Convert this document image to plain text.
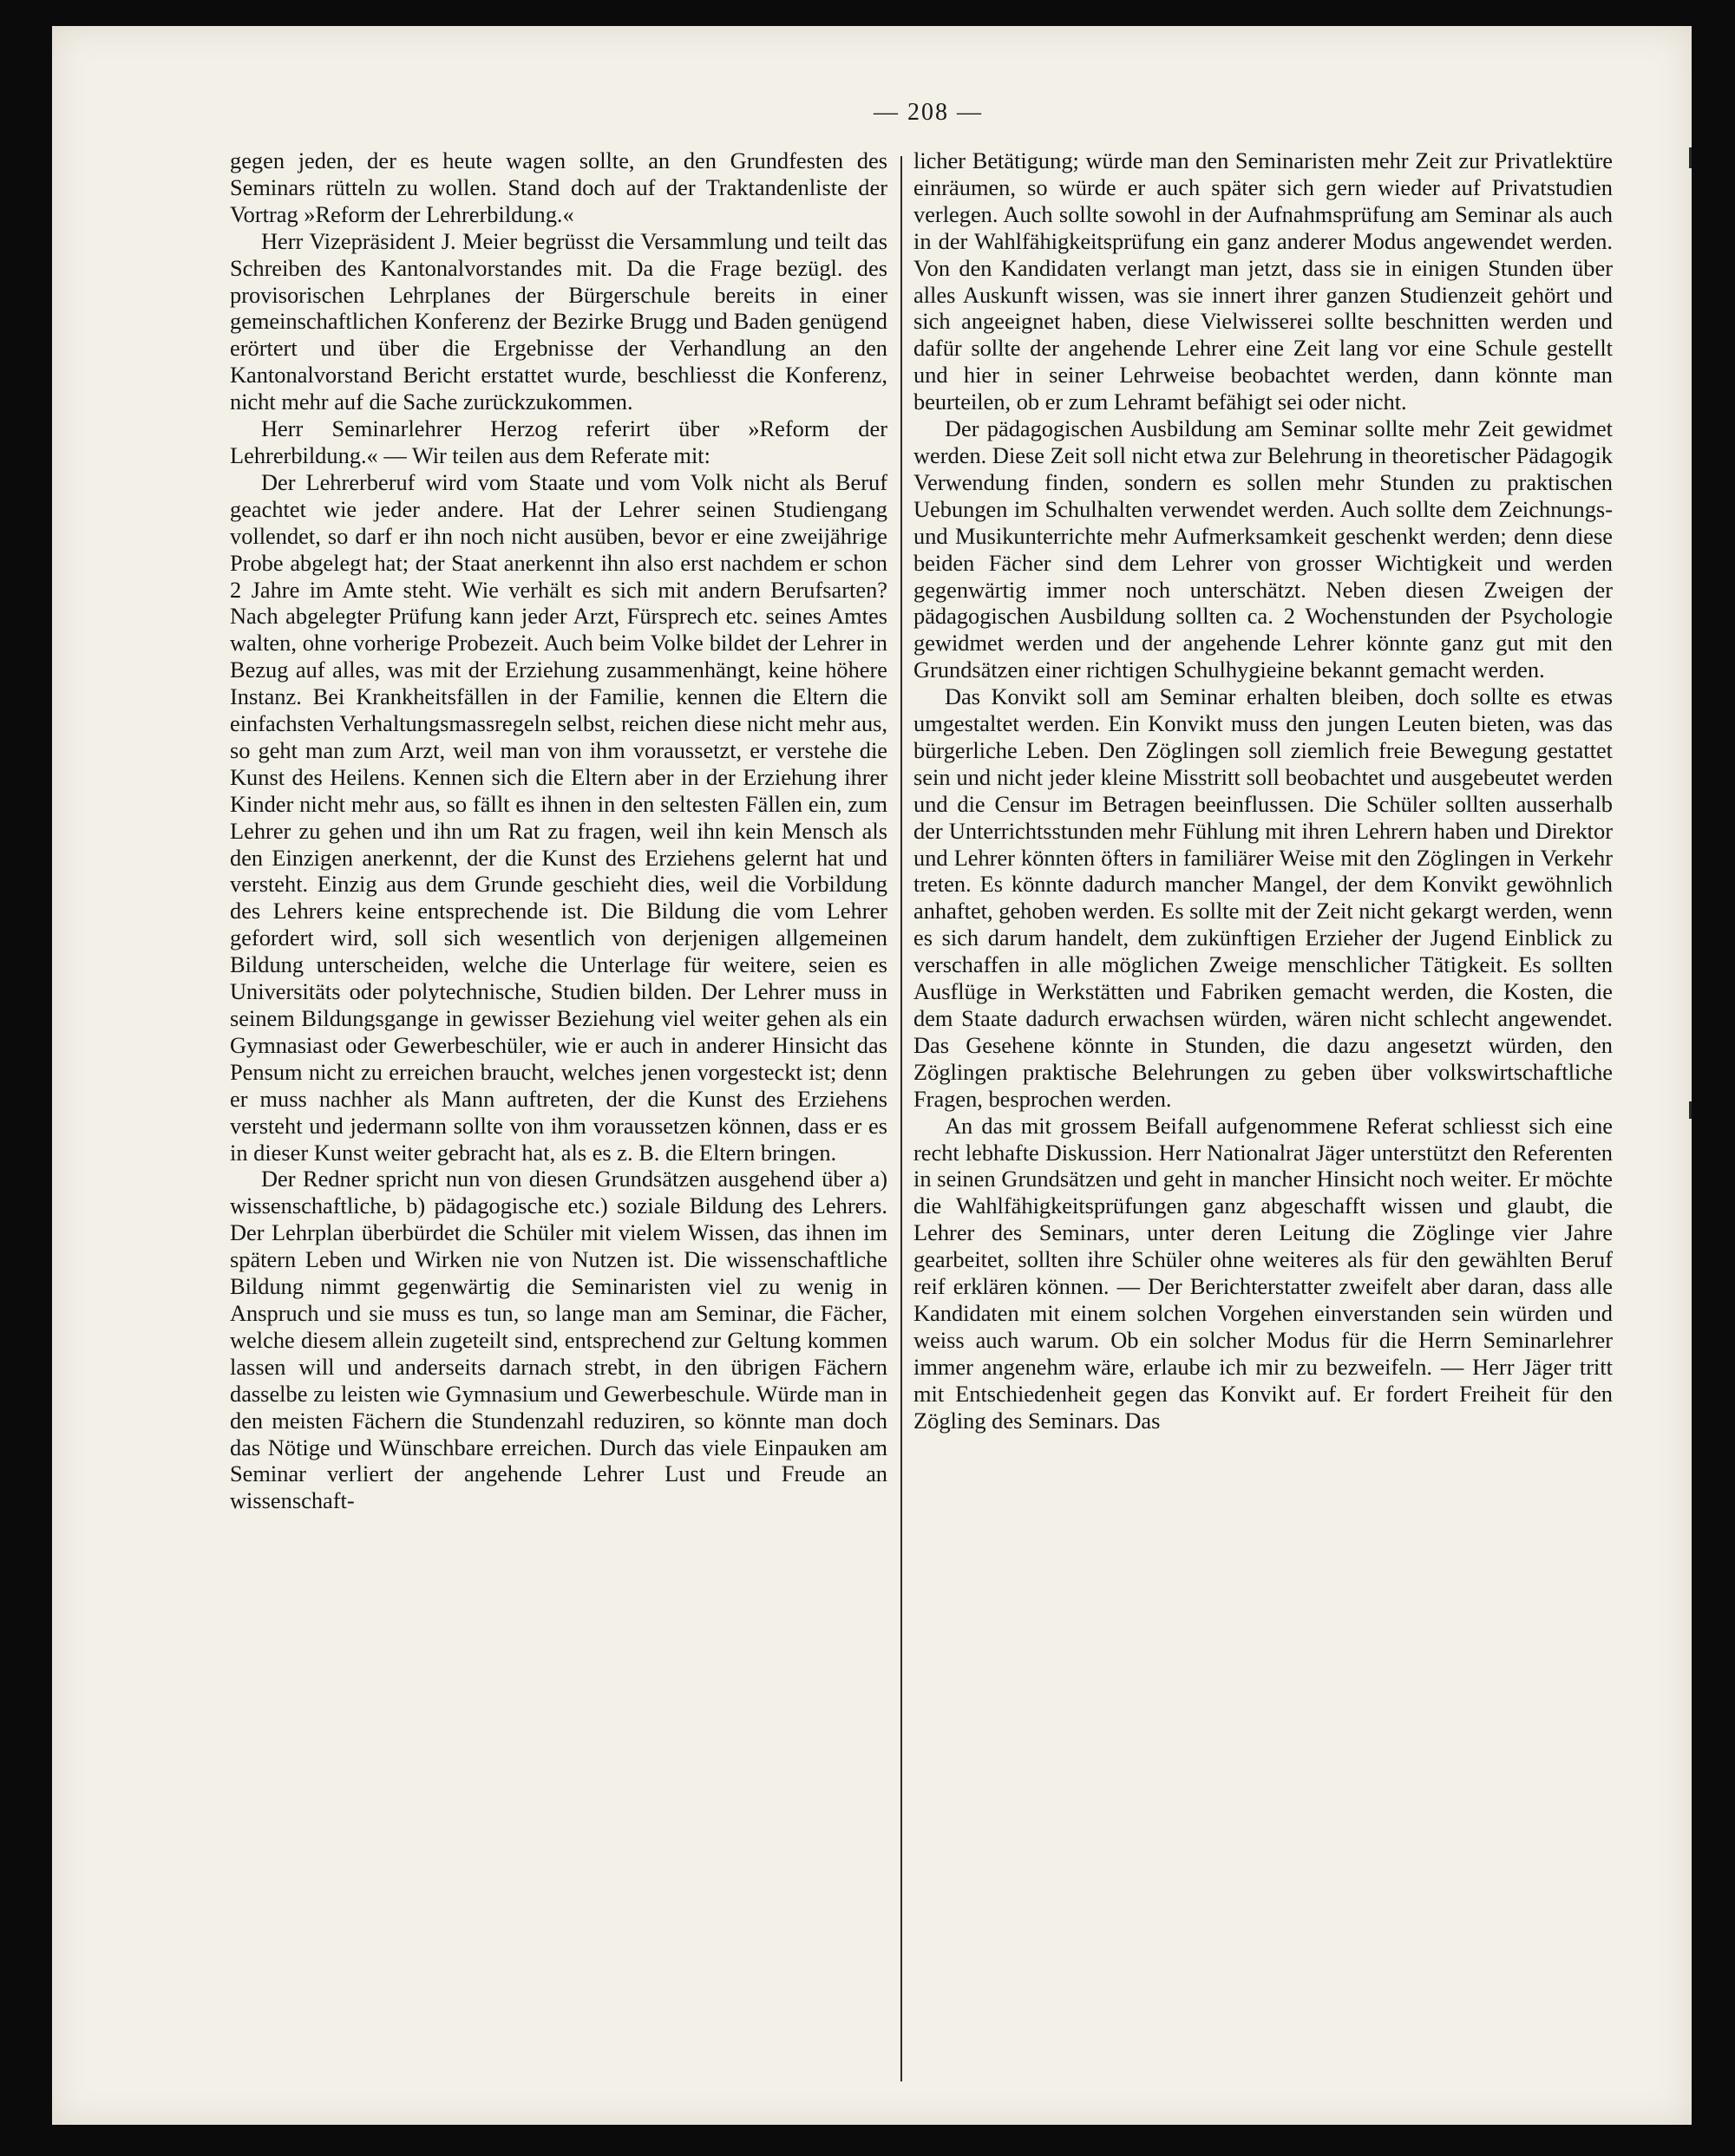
— 208 —

gegen jeden, der es heute wagen sollte, an den Grundfesten des Seminars rütteln zu wollen. Stand doch auf der Traktandenliste der Vortrag »Reform der Lehrerbildung.«

Herr Vizepräsident J. Meier begrüsst die Versammlung und teilt das Schreiben des Kantonalvorstandes mit. Da die Frage bezügl. des provisorischen Lehrplanes der Bürgerschule bereits in einer gemeinschaftlichen Konferenz der Bezirke Brugg und Baden genügend erörtert und über die Ergebnisse der Verhandlung an den Kantonalvorstand Bericht erstattet wurde, beschliesst die Konferenz, nicht mehr auf die Sache zurückzukommen.

Herr Seminarlehrer Herzog referirt über »Reform der Lehrerbildung.« — Wir teilen aus dem Referate mit:

Der Lehrerberuf wird vom Staate und vom Volk nicht als Beruf geachtet wie jeder andere. Hat der Lehrer seinen Studiengang vollendet, so darf er ihn noch nicht ausüben, bevor er eine zweijährige Probe abgelegt hat; der Staat anerkennt ihn also erst nachdem er schon 2 Jahre im Amte steht. Wie verhält es sich mit andern Berufsarten? Nach abgelegter Prüfung kann jeder Arzt, Fürsprech etc. seines Amtes walten, ohne vorherige Probezeit. Auch beim Volke bildet der Lehrer in Bezug auf alles, was mit der Erziehung zusammenhängt, keine höhere Instanz. Bei Krankheitsfällen in der Familie, kennen die Eltern die einfachsten Verhaltungsmassregeln selbst, reichen diese nicht mehr aus, so geht man zum Arzt, weil man von ihm voraussetzt, er verstehe die Kunst des Heilens. Kennen sich die Eltern aber in der Erziehung ihrer Kinder nicht mehr aus, so fällt es ihnen in den seltesten Fällen ein, zum Lehrer zu gehen und ihn um Rat zu fragen, weil ihn kein Mensch als den Einzigen anerkennt, der die Kunst des Erziehens gelernt hat und versteht. Einzig aus dem Grunde geschieht dies, weil die Vorbildung des Lehrers keine entsprechende ist. Die Bildung die vom Lehrer gefordert wird, soll sich wesentlich von derjenigen allgemeinen Bildung unterscheiden, welche die Unterlage für weitere, seien es Universitäts oder polytechnische, Studien bilden. Der Lehrer muss in seinem Bildungsgange in gewisser Beziehung viel weiter gehen als ein Gymnasiast oder Gewerbeschüler, wie er auch in anderer Hinsicht das Pensum nicht zu erreichen braucht, welches jenen vorgesteckt ist; denn er muss nachher als Mann auftreten, der die Kunst des Erziehens versteht und jedermann sollte von ihm voraussetzen können, dass er es in dieser Kunst weiter gebracht hat, als es z. B. die Eltern bringen.

Der Redner spricht nun von diesen Grundsätzen ausgehend über a) wissenschaftliche, b) pädagogische etc.) soziale Bildung des Lehrers. Der Lehrplan überbürdet die Schüler mit vielem Wissen, das ihnen im spätern Leben und Wirken nie von Nutzen ist. Die wissenschaftliche Bildung nimmt gegenwärtig die Seminaristen viel zu wenig in Anspruch und sie muss es tun, so lange man am Seminar, die Fächer, welche diesem allein zugeteilt sind, entsprechend zur Geltung kommen lassen will und anderseits darnach strebt, in den übrigen Fächern dasselbe zu leisten wie Gymnasium und Gewerbeschule. Würde man in den meisten Fächern die Stundenzahl reduziren, so könnte man doch das Nötige und Wünschbare erreichen. Durch das viele Einpauken am Seminar verliert der angehende Lehrer Lust und Freude an wissenschaft-

licher Betätigung; würde man den Seminaristen mehr Zeit zur Privatlektüre einräumen, so würde er auch später sich gern wieder auf Privatstudien verlegen. Auch sollte sowohl in der Aufnahmsprüfung am Seminar als auch in der Wahlfähigkeitsprüfung ein ganz anderer Modus angewendet werden. Von den Kandidaten verlangt man jetzt, dass sie in einigen Stunden über alles Auskunft wissen, was sie innert ihrer ganzen Studienzeit gehört und sich angeeignet haben, diese Vielwisserei sollte beschnitten werden und dafür sollte der angehende Lehrer eine Zeit lang vor eine Schule gestellt und hier in seiner Lehrweise beobachtet werden, dann könnte man beurteilen, ob er zum Lehramt befähigt sei oder nicht.

Der pädagogischen Ausbildung am Seminar sollte mehr Zeit gewidmet werden. Diese Zeit soll nicht etwa zur Belehrung in theoretischer Pädagogik Verwendung finden, sondern es sollen mehr Stunden zu praktischen Uebungen im Schulhalten verwendet werden. Auch sollte dem Zeichnungs- und Musikunterrichte mehr Aufmerksamkeit geschenkt werden; denn diese beiden Fächer sind dem Lehrer von grosser Wichtigkeit und werden gegenwärtig immer noch unterschätzt. Neben diesen Zweigen der pädagogischen Ausbildung sollten ca. 2 Wochenstunden der Psychologie gewidmet werden und der angehende Lehrer könnte ganz gut mit den Grundsätzen einer richtigen Schulhygieine bekannt gemacht werden.

Das Konvikt soll am Seminar erhalten bleiben, doch sollte es etwas umgestaltet werden. Ein Konvikt muss den jungen Leuten bieten, was das bürgerliche Leben. Den Zöglingen soll ziemlich freie Bewegung gestattet sein und nicht jeder kleine Misstritt soll beobachtet und ausgebeutet werden und die Censur im Betragen beeinflussen. Die Schüler sollten ausserhalb der Unterrichtsstunden mehr Fühlung mit ihren Lehrern haben und Direktor und Lehrer könnten öfters in familiärer Weise mit den Zöglingen in Verkehr treten. Es könnte dadurch mancher Mangel, der dem Konvikt gewöhnlich anhaftet, gehoben werden. Es sollte mit der Zeit nicht gekargt werden, wenn es sich darum handelt, dem zukünftigen Erzieher der Jugend Einblick zu verschaffen in alle möglichen Zweige menschlicher Tätigkeit. Es sollten Ausflüge in Werkstätten und Fabriken gemacht werden, die Kosten, die dem Staate dadurch erwachsen würden, wären nicht schlecht angewendet. Das Gesehene könnte in Stunden, die dazu angesetzt würden, den Zöglingen praktische Belehrungen zu geben über volkswirtschaftliche Fragen, besprochen werden.

An das mit grossem Beifall aufgenommene Referat schliesst sich eine recht lebhafte Diskussion. Herr Nationalrat Jäger unterstützt den Referenten in seinen Grundsätzen und geht in mancher Hinsicht noch weiter. Er möchte die Wahlfähigkeitsprüfungen ganz abgeschafft wissen und glaubt, die Lehrer des Seminars, unter deren Leitung die Zöglinge vier Jahre gearbeitet, sollten ihre Schüler ohne weiteres als für den gewählten Beruf reif erklären können. — Der Berichterstatter zweifelt aber daran, dass alle Kandidaten mit einem solchen Vorgehen einverstanden sein würden und weiss auch warum. Ob ein solcher Modus für die Herrn Seminarlehrer immer angenehm wäre, erlaube ich mir zu bezweifeln. — Herr Jäger tritt mit Entschiedenheit gegen das Konvikt auf. Er fordert Freiheit für den Zögling des Seminars. Das
